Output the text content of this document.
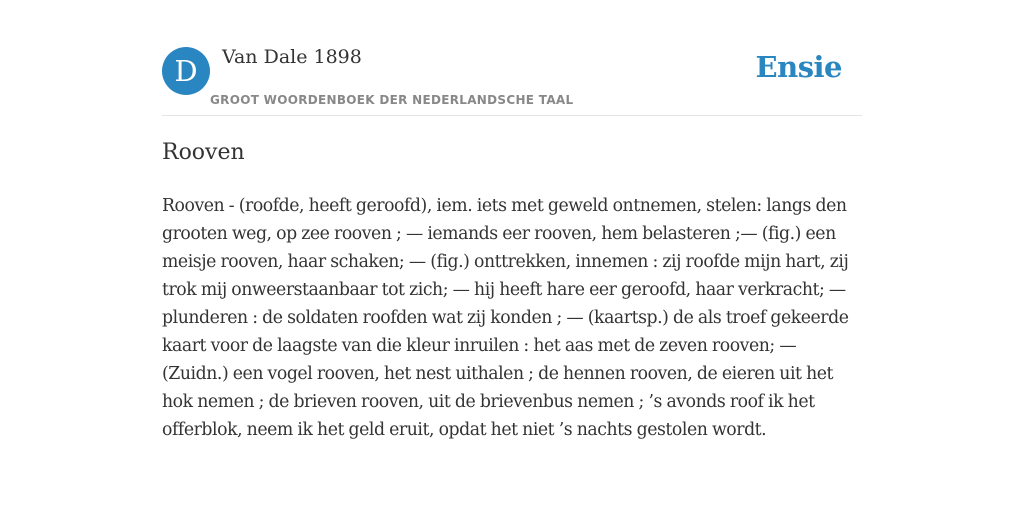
D	Van Dale 1898
GROOT WOORDENBOEK DER NEDERLANDSCHE TAAL
Ensie
Rooven

Rooven - (roofde, heeft geroofd), iem. iets met geweld ontnemen, stelen: langs den grooten weg, op zee rooven ; — iemands eer rooven, hem belasteren ;— (fig.) een meisje rooven, haar schaken; — (fig.) onttrekken, innemen : zij roofde mijn hart, zij trok mij onweerstaanbaar tot zich; — hij heeft hare eer geroofd, haar verkracht; — plunderen : de soldaten roofden wat zij konden ; — (kaartsp.) de als troef gekeerde kaart voor de laagste van die kleur inruilen : het aas met de zeven rooven; — (Zuidn.) een vogel rooven, het nest uithalen ; de hennen rooven, de eieren uit het hok nemen ; de brieven rooven, uit de brievenbus nemen ; ’s avonds roof ik het offerblok, neem ik het geld eruit, opdat het niet ’s nachts gestolen wordt.
